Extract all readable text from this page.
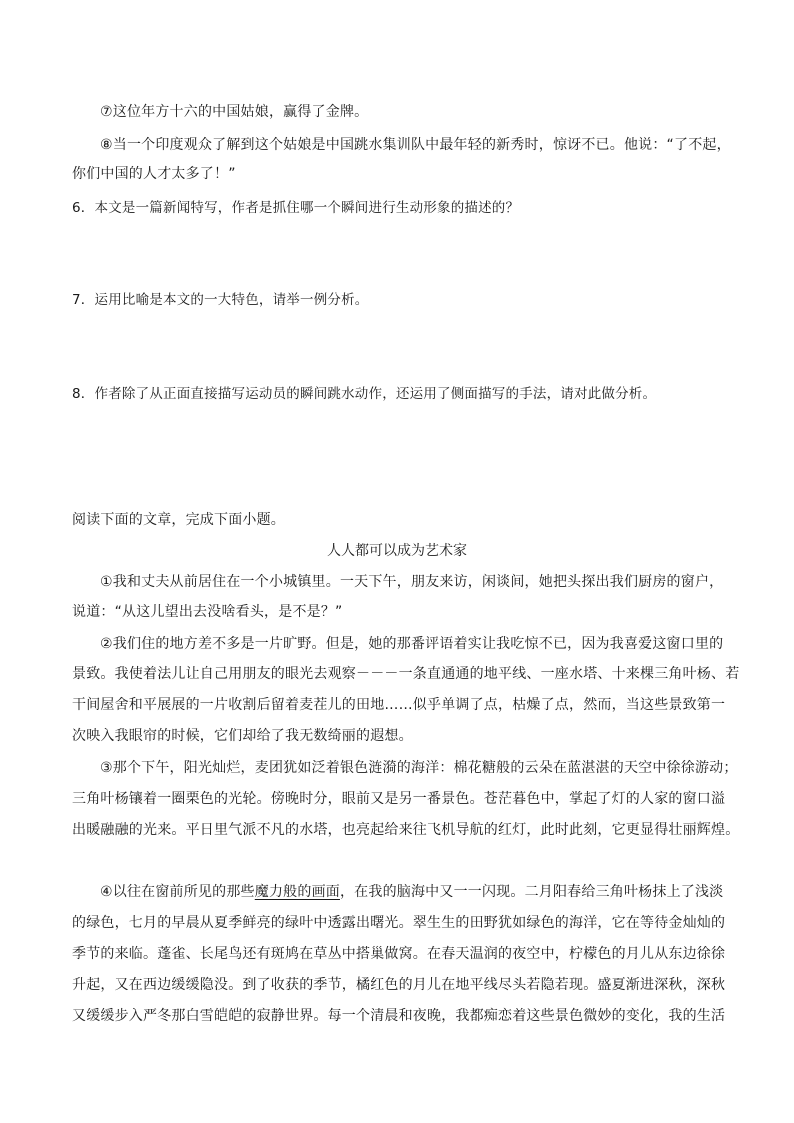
⑦这位年方十六的中国姑娘，赢得了金牌。
⑧当一个印度观众了解到这个姑娘是中国跳水集训队中最年轻的新秀时，惊讶不已。他说：“了不起，
你们中国的人才太多了！”
6．本文是一篇新闻特写，作者是抓住哪一个瞬间进行生动形象的描述的？
7．运用比喻是本文的一大特色，请举一例分析。
8．作者除了从正面直接描写运动员的瞬间跳水动作，还运用了侧面描写的手法，请对此做分析。
阅读下面的文章，完成下面小题。
人人都可以成为艺术家
①我和丈夫从前居住在一个小城镇里。一天下午，朋友来访，闲谈间，她把头探出我们厨房的窗户，
说道：“从这儿望出去没啥看头，是不是？”
②我们住的地方差不多是一片旷野。但是，她的那番评语着实让我吃惊不已，因为我喜爱这窗口里的
景致。我使着法儿让自己用朋友的眼光去观察－－－一条直通通的地平线、一座水塔、十来棵三角叶杨、若
干间屋舍和平展展的一片收割后留着麦茬儿的田地……似乎单调了点，枯燥了点，然而，当这些景致第一
次映入我眼帘的时候，它们却给了我无数绮丽的遐想。
③那个下午，阳光灿烂，麦团犹如泛着银色涟漪的海洋：棉花糖般的云朵在蓝湛湛的天空中徐徐游动；
三角叶杨镶着一圈栗色的光轮。傍晚时分，眼前又是另一番景色。苍茫暮色中，掌起了灯的人家的窗口溢
出暖融融的光来。平日里气派不凡的水塔，也亮起给来往飞机导航的红灯，此时此刻，它更显得壮丽辉煌。
④以往在窗前所见的那些魔力般的画面，在我的脑海中又一一闪现。二月阳春给三角叶杨抹上了浅淡
的绿色，七月的早晨从夏季鲜亮的绿叶中透露出曙光。翠生生的田野犹如绿色的海洋，它在等待金灿灿的
季节的来临。蓬雀、长尾鸟还有斑鸠在草丛中搭巢做窝。在春天温润的夜空中，柠檬色的月儿从东边徐徐
升起，又在西边缓缓隐没。到了收获的季节，橘红色的月儿在地平线尽头若隐若现。盛夏渐进深秋，深秋
又缓缓步入严冬那白雪皑皑的寂静世界。每一个清晨和夜晚，我都痴恋着这些景色微妙的变化，我的生活
